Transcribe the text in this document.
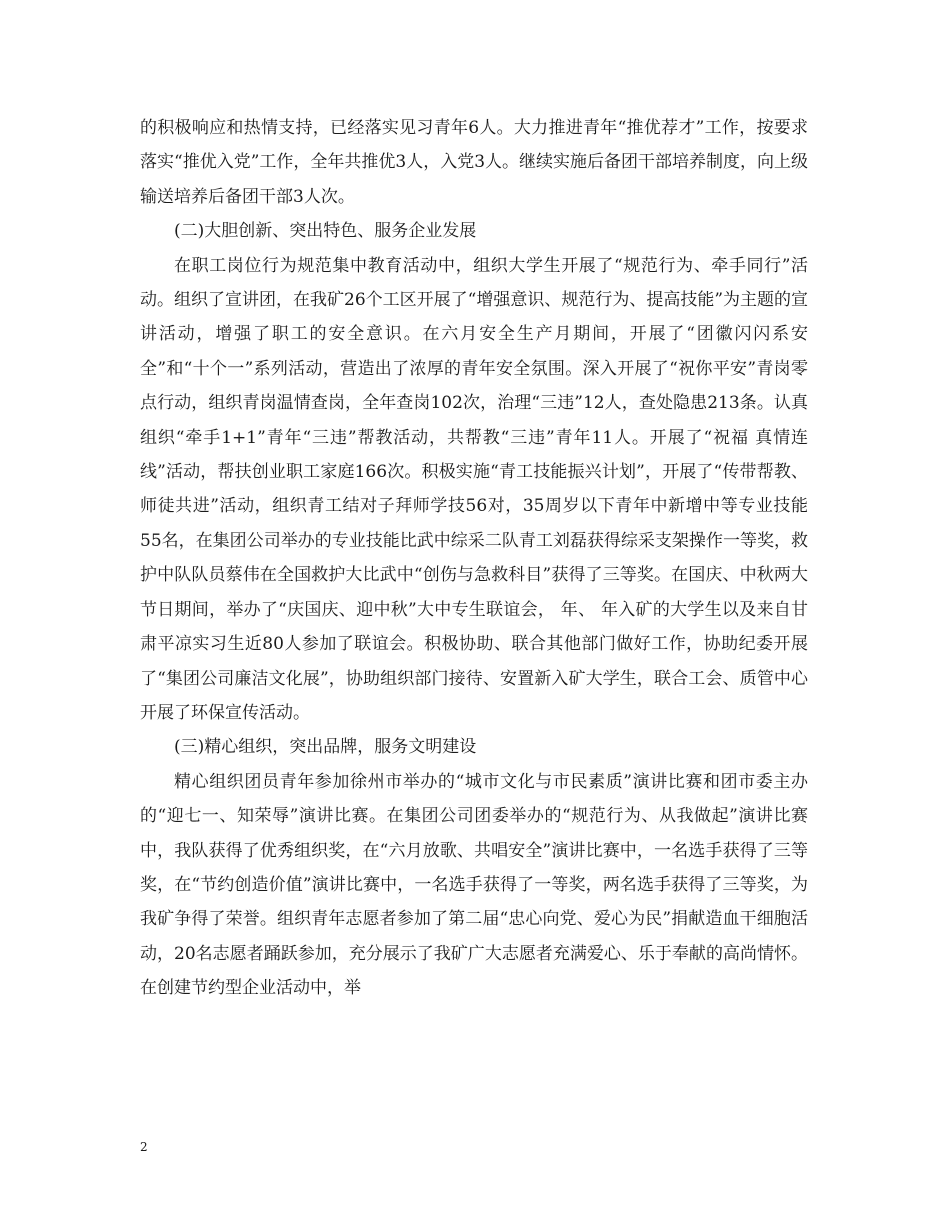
的积极响应和热情支持，已经落实见习青年6人。大力推进青年“推优荐才”工作，按要求落实“推优入党”工作，全年共推优3人，入党3人。继续实施后备团干部培养制度，向上级输送培养后备团干部3人次。

(二)大胆创新、突出特色、服务企业发展

在职工岗位行为规范集中教育活动中，组织大学生开展了“规范行为、牵手同行”活动。组织了宣讲团，在我矿26个工区开展了“增强意识、规范行为、提高技能”为主题的宣讲活动，增强了职工的安全意识。在六月安全生产月期间，开展了“团徽闪闪系安全”和“十个一”系列活动，营造出了浓厚的青年安全氛围。深入开展了“祝你平安”青岗零点行动，组织青岗温情查岗，全年查岗102次，治理“三违”12人，查处隐患213条。认真组织“牵手1+1”青年“三违”帮教活动，共帮教“三违”青年11人。开展了“祝福 真情连线”活动，帮扶创业职工家庭166次。积极实施“青工技能振兴计划”，开展了“传带帮教、师徒共进”活动，组织青工结对子拜师学技56对，35周岁以下青年中新增中等专业技能55名，在集团公司举办的专业技能比武中综采二队青工刘磊获得综采支架操作一等奖，救护中队队员蔡伟在全国救护大比武中“创伤与急救科目”获得了三等奖。在国庆、中秋两大节日期间，举办了“庆国庆、迎中秋”大中专生联谊会， 年、 年入矿的大学生以及来自甘肃平凉实习生近80人参加了联谊会。积极协助、联合其他部门做好工作，协助纪委开展了“集团公司廉洁文化展”，协助组织部门接待、安置新入矿大学生，联合工会、质管中心开展了环保宣传活动。

(三)精心组织，突出品牌，服务文明建设

精心组织团员青年参加徐州市举办的“城市文化与市民素质”演讲比赛和团市委主办的“迎七一、知荣辱”演讲比赛。在集团公司团委举办的“规范行为、从我做起”演讲比赛中，我队获得了优秀组织奖，在“六月放歌、共唱安全”演讲比赛中，一名选手获得了三等奖，在“节约创造价值”演讲比赛中，一名选手获得了一等奖，两名选手获得了三等奖，为我矿争得了荣誉。组织青年志愿者参加了第二届“忠心向党、爱心为民”捐献造血干细胞活动，20名志愿者踊跃参加，充分展示了我矿广大志愿者充满爱心、乐于奉献的高尚情怀。在创建节约型企业活动中，举

2
